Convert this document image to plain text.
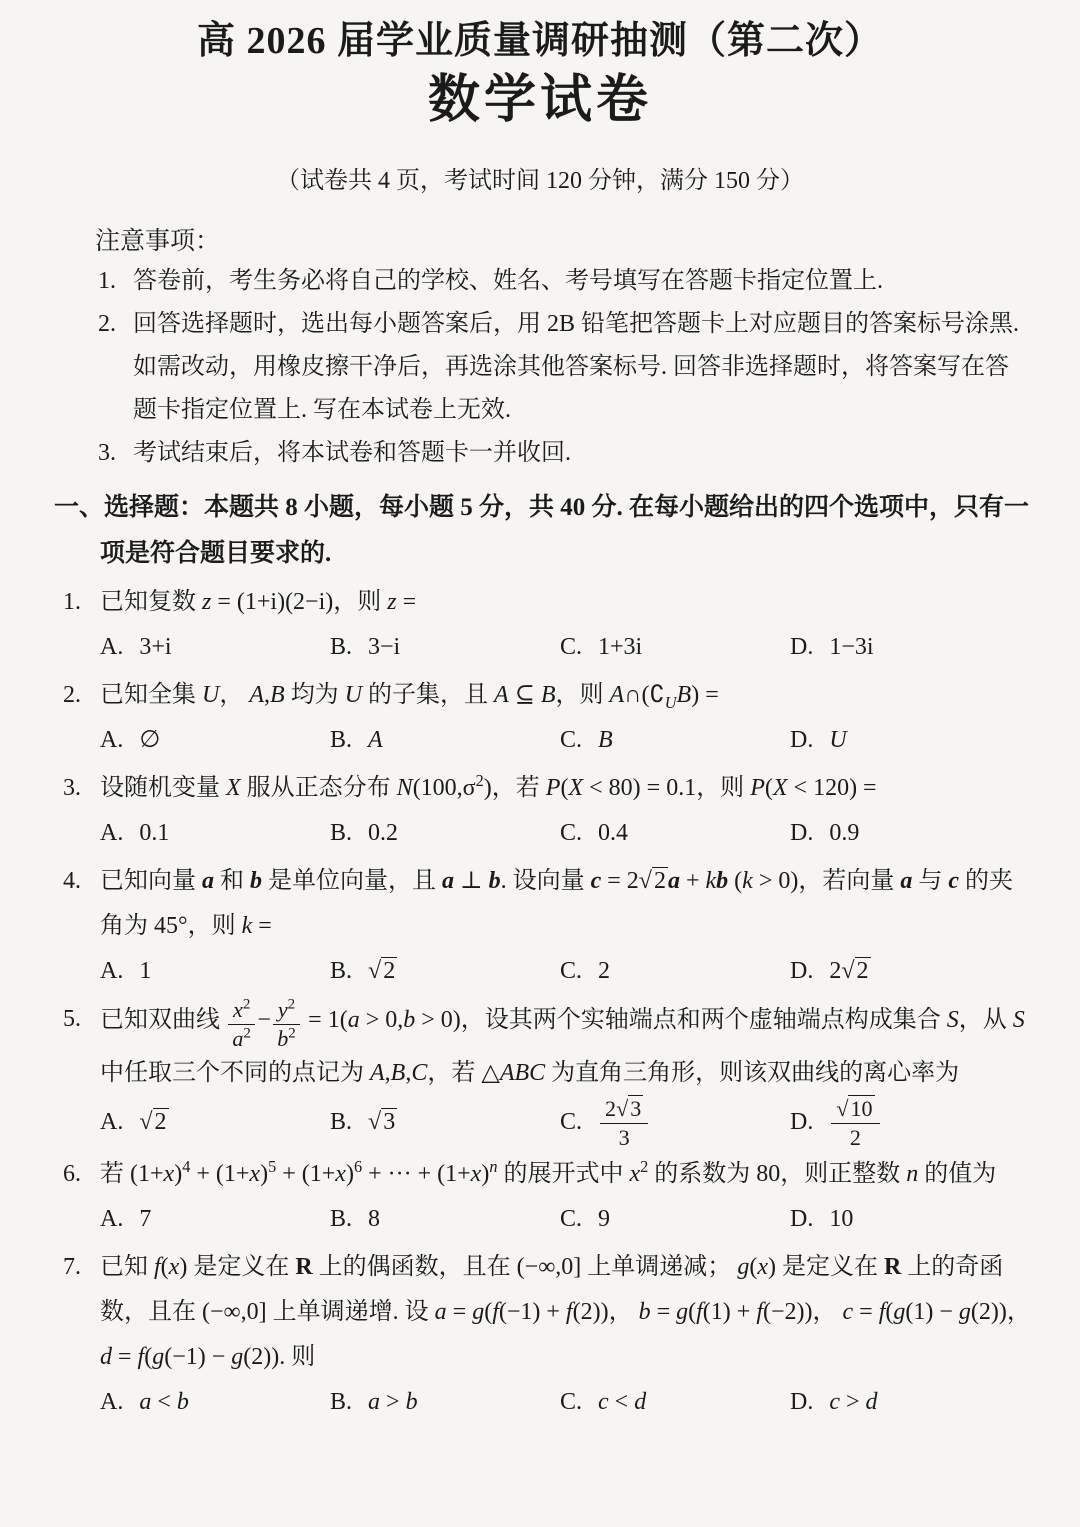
高 2026 届学业质量调研抽测（第二次）
数学试卷
（试卷共 4 页，考试时间 120 分钟，满分 150 分）
注意事项：
1. 答卷前，考生务必将自己的学校、姓名、考号填写在答题卡指定位置上.
2. 回答选择题时，选出每小题答案后，用 2B 铅笔把答题卡上对应题目的答案标号涂黑. 如需改动，用橡皮擦干净后，再选涂其他答案标号. 回答非选择题时，将答案写在答题卡指定位置上. 写在本试卷上无效.
3. 考试结束后，将本试卷和答题卡一并收回.
一、选择题：本题共 8 小题，每小题 5 分，共 40 分. 在每小题给出的四个选项中，只有一项是符合题目要求的.
1. 已知复数 z = (1+i)(2−i)，则 z =
A. 3+i	B. 3−i	C. 1+3i	D. 1−3i
2. 已知全集 U， A,B 均为 U 的子集，且 A ⊆ B，则 $A\cap(∁_UB)$ =
A. ∅	B. A	C. B	D. U
3. 设随机变量 X 服从正态分布 $N(100,\sigma^2)$，若 P(X < 80) = 0.1，则 P(X < 120) =
A. 0.1	B. 0.2	C. 0.4	D. 0.9
4. 已知向量 a 和 b 是单位向量，且 a ⊥ b. 设向量 c = 2√2a + kb (k > 0)，若向量 a 与 c 的夹角为 45°，则 k =
A. 1	B. √2	C. 2	D. 2√2
5. 已知双曲线 $\frac{x^2}{a^2} - \frac{y^2}{b^2} = 1(a > 0,b > 0)$，设其两个实轴端点和两个虚轴端点构成集合 S，从 S 中任取三个不同的点记为 A,B,C，若 △ABC 为直角三角形，则该双曲线的离心率为
A. √2	B. √3	C. $\frac{2√3}{3}$	D. $\frac{√10}{2}$
6. 若 $(1+x)^4 + (1+x)^5 + (1+x)^6$ + ··· + $(1+x)^n$ 的展开式中 $x^2$ 的系数为 80，则正整数 n 的值为
A. 7	B. 8	C. 9	D. 10
7. 已知 f(x) 是定义在 R 上的偶函数，且在 (−∞,0] 上单调递减； g(x) 是定义在 R 上的奇函数，且在 (−∞,0] 上单调递增. 设 a = g(f(−1) + f(2))， b = g(f(1) + f(−2))， c = f(g(1) − g(2))， d = f(g(−1) − g(2)). 则
A. a < b	B. a > b	C. c < d	D. c > d
